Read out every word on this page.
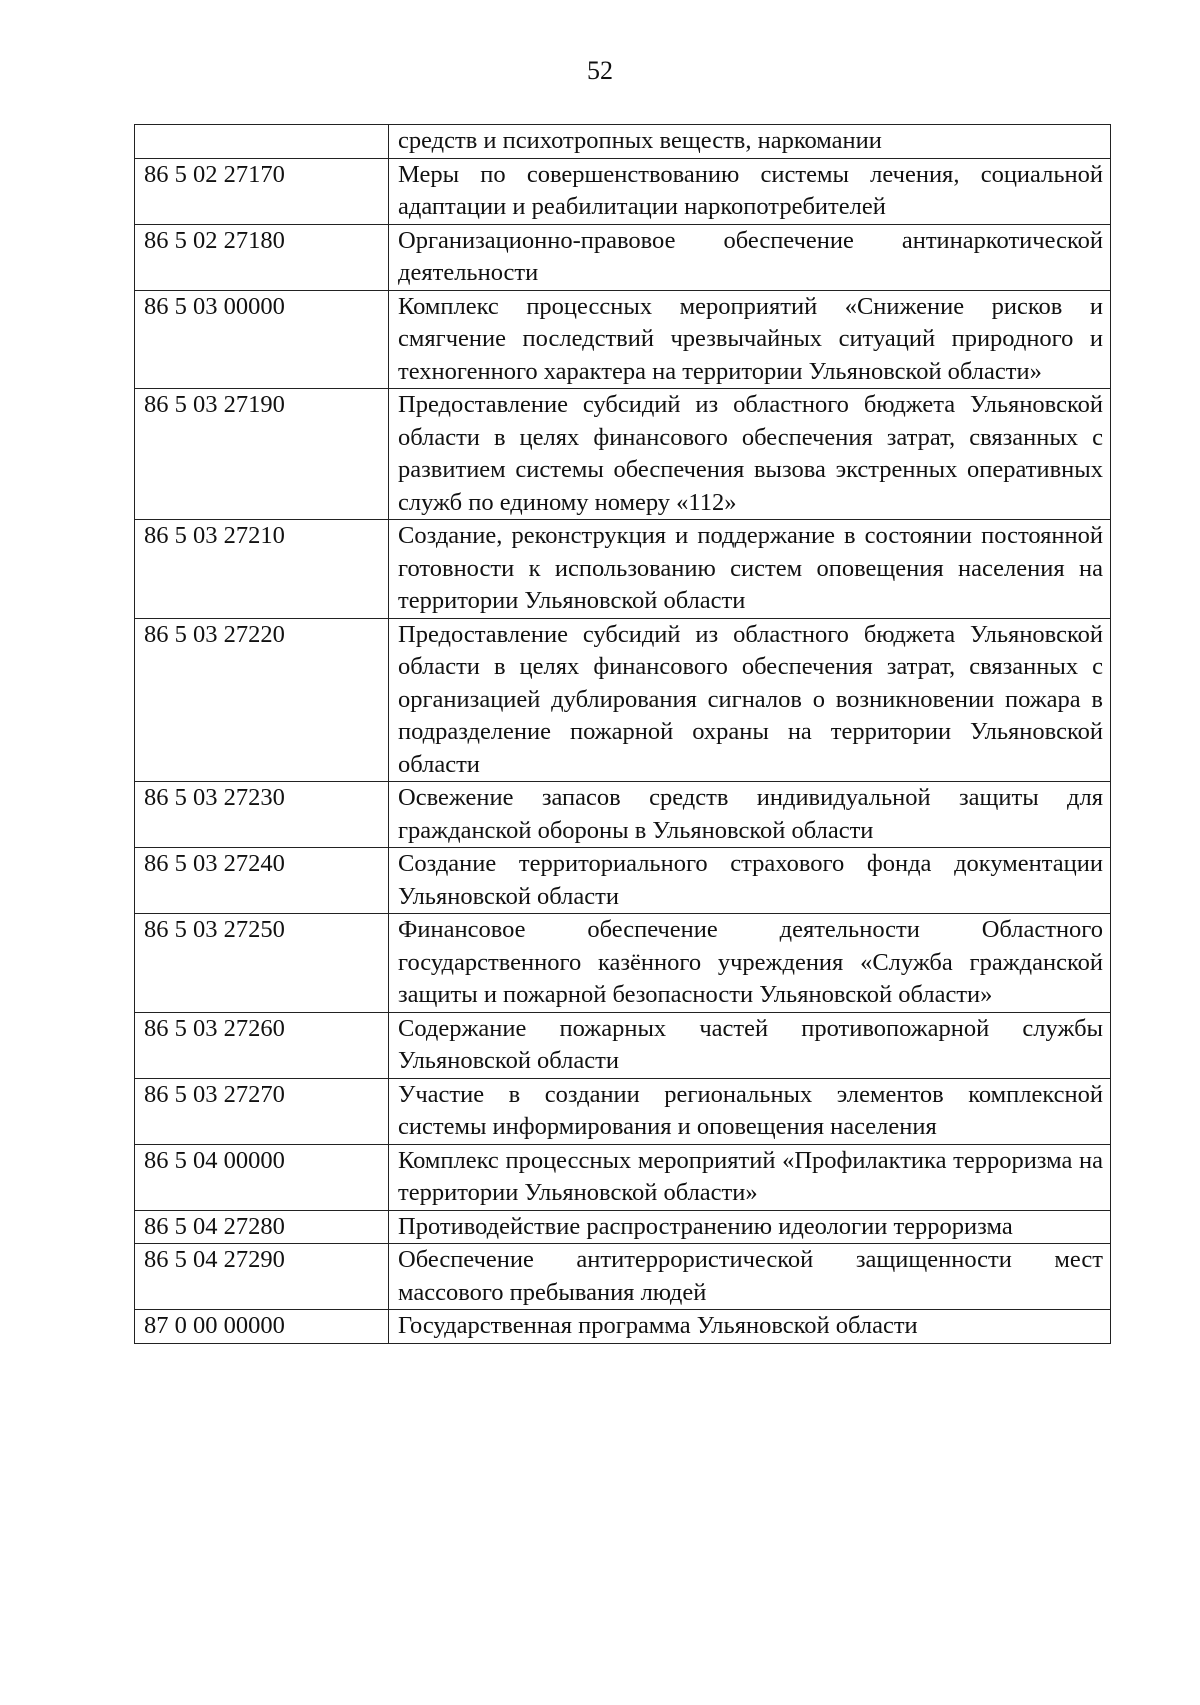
52
	средств и психотропных веществ, наркомании
86 5 02 27170	Меры по совершенствованию системы лечения, социальной адаптации и реабилитации наркопотребителей
86 5 02 27180	Организационно-правовое обеспечение антинаркотической деятельности
86 5 03 00000	Комплекс процессных мероприятий «Снижение рисков и смягчение последствий чрезвычайных ситуаций природного и техногенного характера на территории Ульяновской области»
86 5 03 27190	Предоставление субсидий из областного бюджета Ульяновской области в целях финансового обеспечения затрат, связанных с развитием системы обеспечения вызова экстренных оперативных служб по единому номеру «112»
86 5 03 27210	Создание, реконструкция и поддержание в состоянии постоянной готовности к использованию систем оповещения населения на территории Ульяновской области
86 5 03 27220	Предоставление субсидий из областного бюджета Ульяновской области в целях финансового обеспечения затрат, связанных с организацией дублирования сигналов о возникновении пожара в подразделение пожарной охраны на территории Ульяновской области
86 5 03 27230	Освежение запасов средств индивидуальной защиты для гражданской обороны в Ульяновской области
86 5 03 27240	Создание территориального страхового фонда документации Ульяновской области
86 5 03 27250	Финансовое обеспечение деятельности Областного государственного казённого учреждения «Служба гражданской защиты и пожарной безопасности Ульяновской области»
86 5 03 27260	Содержание пожарных частей противопожарной службы Ульяновской области
86 5 03 27270	Участие в создании региональных элементов комплексной системы информирования и оповещения населения
86 5 04 00000	Комплекс процессных мероприятий «Профилактика терроризма на территории Ульяновской области»
86 5 04 27280	Противодействие распространению идеологии терроризма
86 5 04 27290	Обеспечение антитеррористической защищенности мест массового пребывания людей
87 0 00 00000	Государственная программа Ульяновской области
